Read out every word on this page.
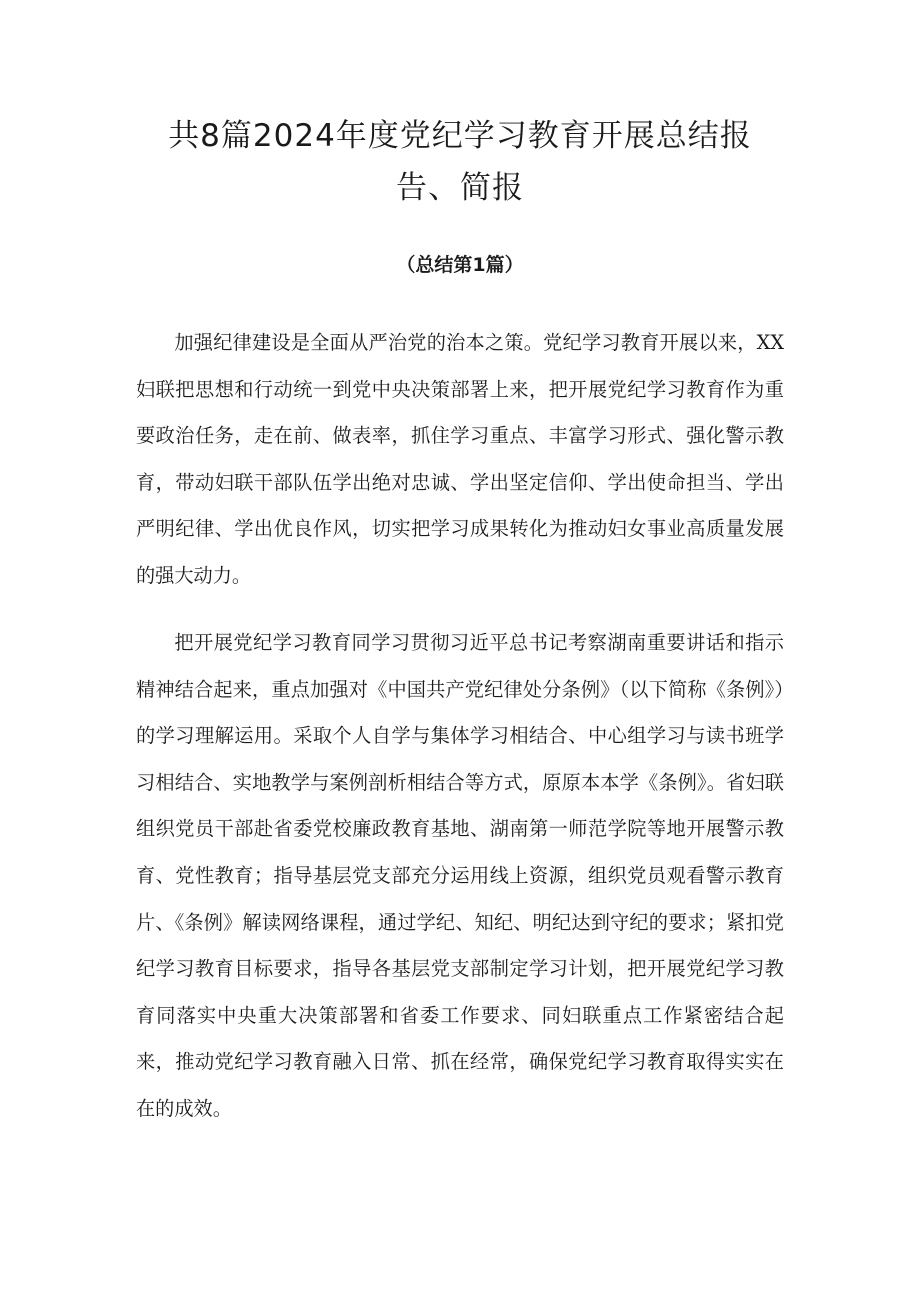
共8篇2024年度党纪学习教育开展总结报告、简报
（总结第1篇）

加强纪律建设是全面从严治党的治本之策。党纪学习教育开展以来，XX妇联把思想和行动统一到党中央决策部署上来，把开展党纪学习教育作为重要政治任务，走在前、做表率，抓住学习重点、丰富学习形式、强化警示教育，带动妇联干部队伍学出绝对忠诚、学出坚定信仰、学出使命担当、学出严明纪律、学出优良作风，切实把学习成果转化为推动妇女事业高质量发展的强大动力。

把开展党纪学习教育同学习贯彻习近平总书记考察湖南重要讲话和指示精神结合起来，重点加强对《中国共产党纪律处分条例》（以下简称《条例》）的学习理解运用。采取个人自学与集体学习相结合、中心组学习与读书班学习相结合、实地教学与案例剖析相结合等方式，原原本本学《条例》。省妇联组织党员干部赴省委党校廉政教育基地、湖南第一师范学院等地开展警示教育、党性教育；指导基层党支部充分运用线上资源，组织党员观看警示教育片、《条例》解读网络课程，通过学纪、知纪、明纪达到守纪的要求；紧扣党纪学习教育目标要求，指导各基层党支部制定学习计划，把开展党纪学习教育同落实中央重大决策部署和省委工作要求、同妇联重点工作紧密结合起来，推动党纪学习教育融入日常、抓在经常，确保党纪学习教育取得实实在在的成效。
